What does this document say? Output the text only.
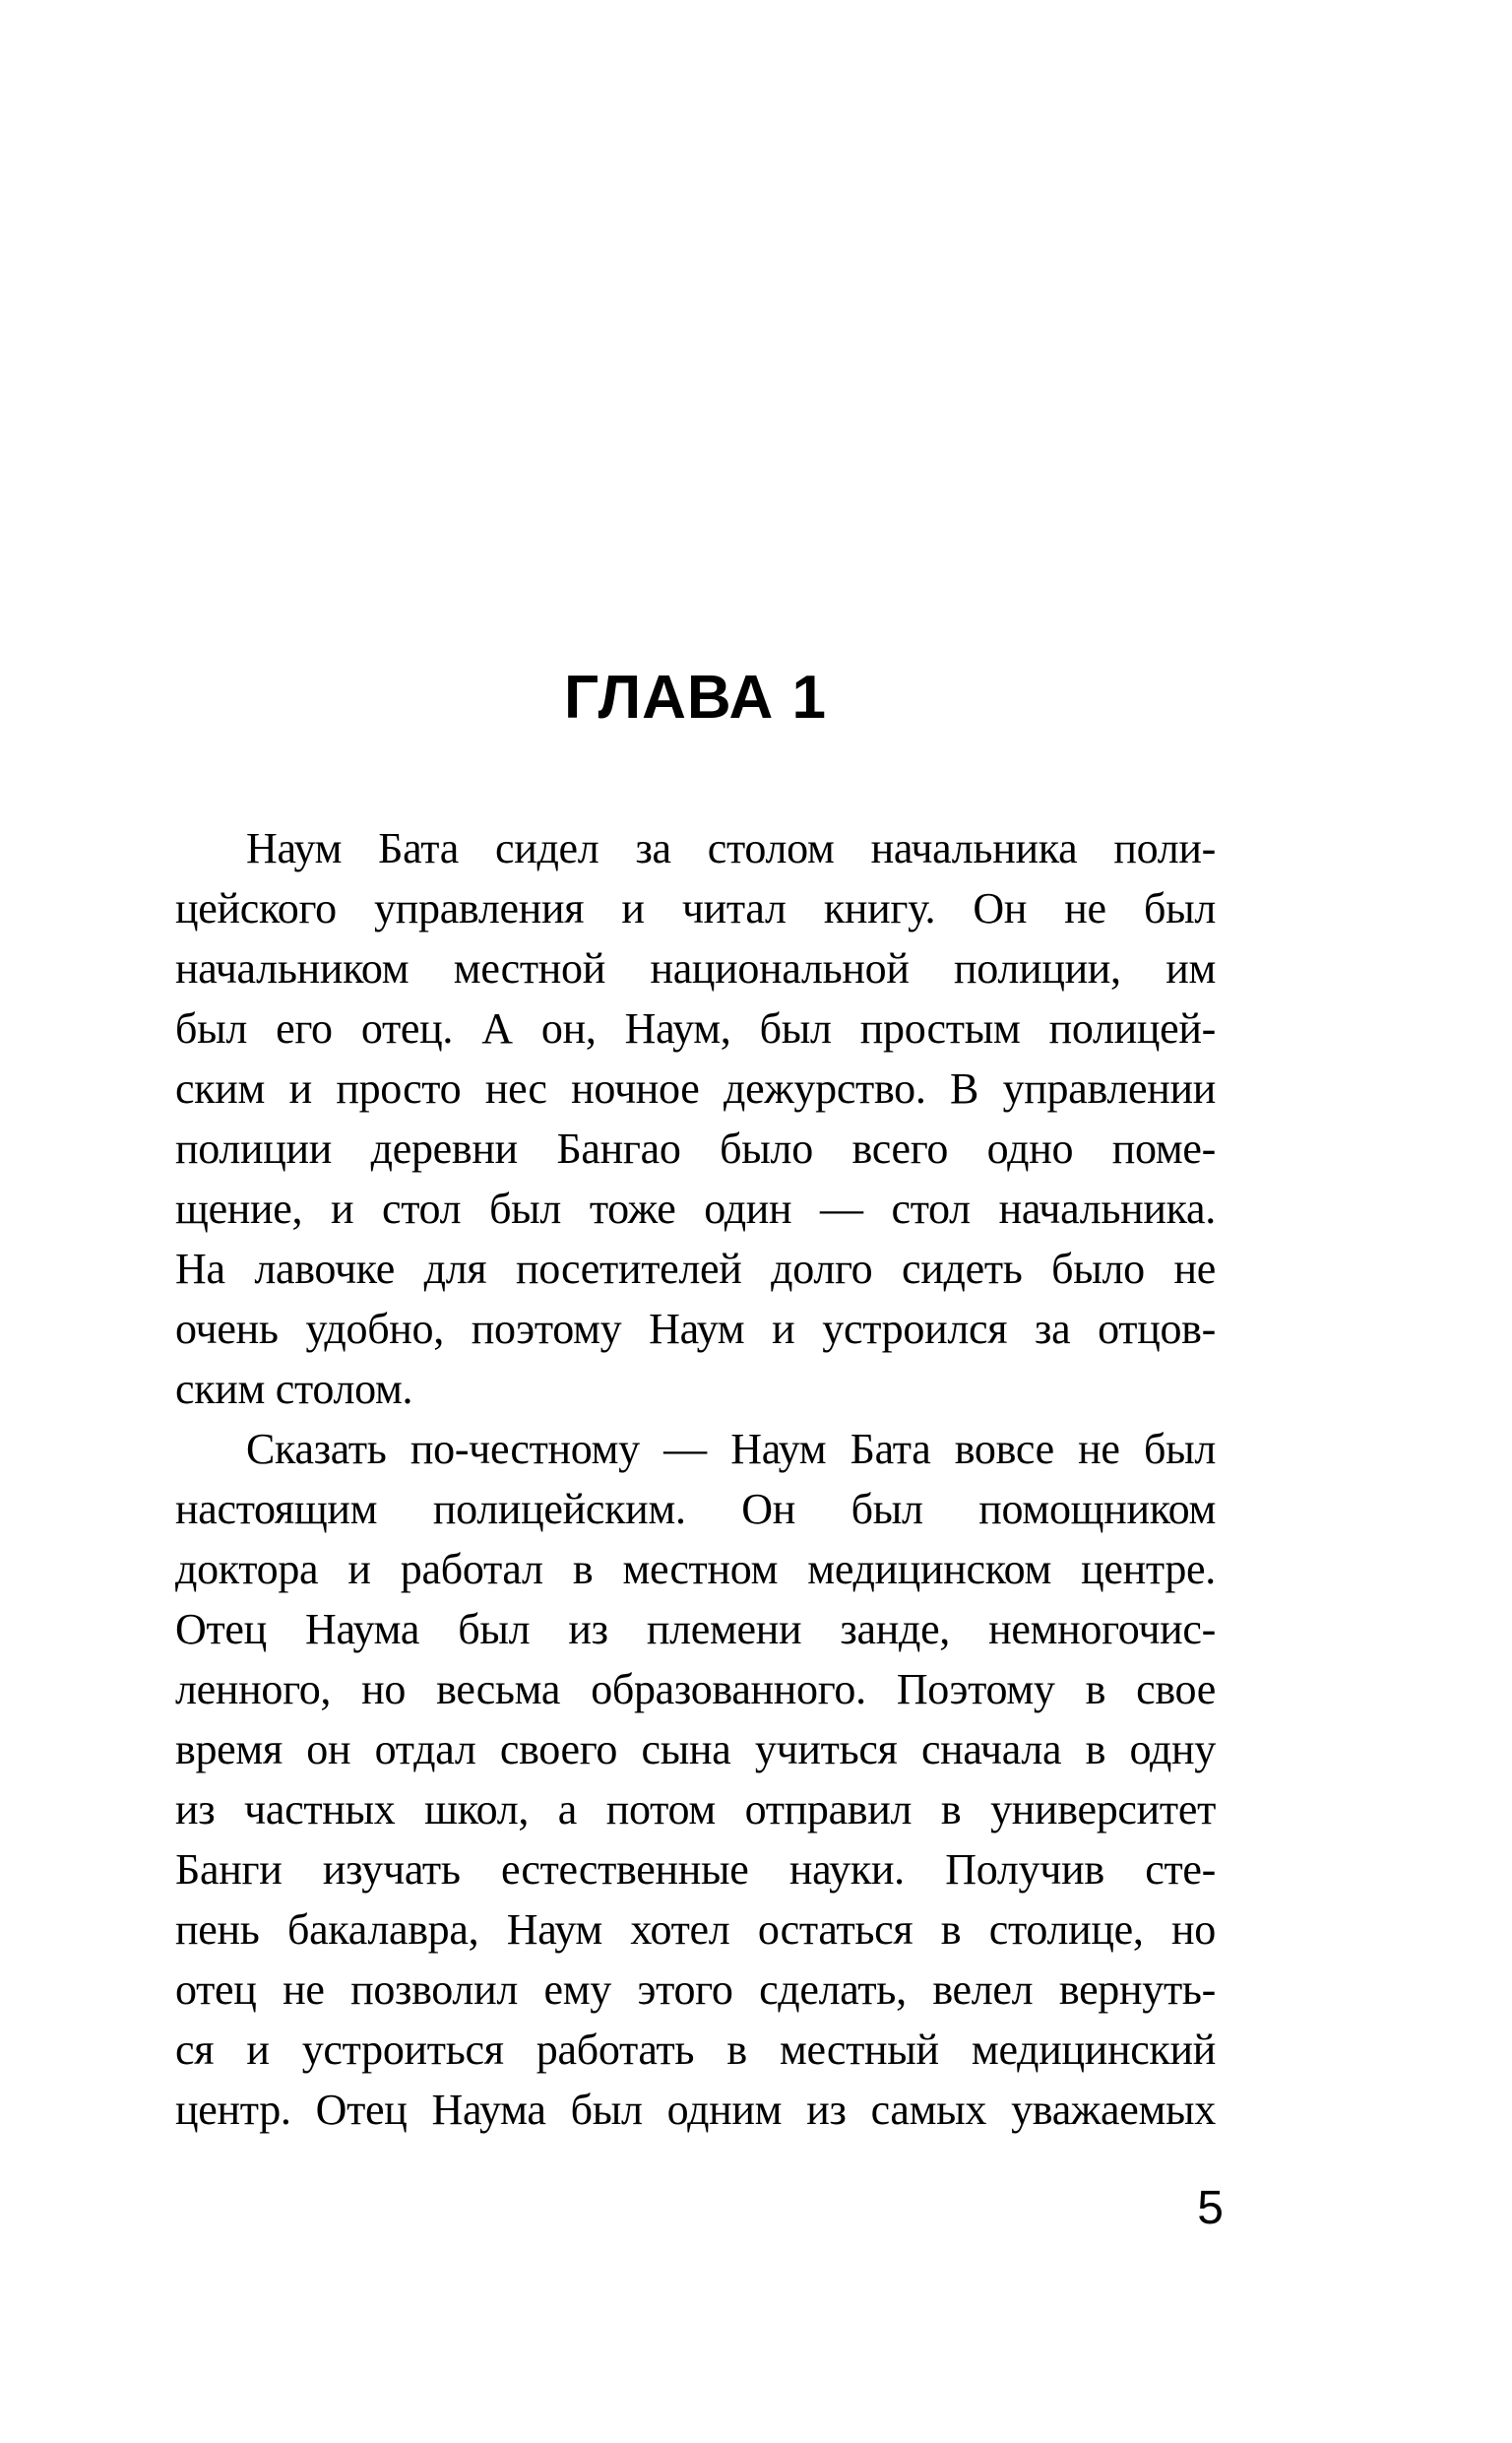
ГЛАВА 1
Наум Бата сидел за столом начальника поли-
цейского управления и читал книгу. Он не был
начальником местной национальной полиции, им
был его отец. А он, Наум, был простым полицей-
ским и просто нес ночное дежурство. В управлении
полиции деревни Бангао было всего одно поме-
щение, и стол был тоже один — стол начальника.
На лавочке для посетителей долго сидеть было не
очень удобно, поэтому Наум и устроился за отцов-
ским столом.
Сказать по-честному — Наум Бата вовсе не был
настоящим полицейским. Он был помощником
доктора и работал в местном медицинском центре.
Отец Наума был из племени занде, немногочис-
ленного, но весьма образованного. Поэтому в свое
время он отдал своего сына учиться сначала в одну
из частных школ, а потом отправил в университет
Банги изучать естественные науки. Получив сте-
пень бакалавра, Наум хотел остаться в столице, но
отец не позволил ему этого сделать, велел вернуть-
ся и устроиться работать в местный медицинский
центр. Отец Наума был одним из самых уважаемых
5
